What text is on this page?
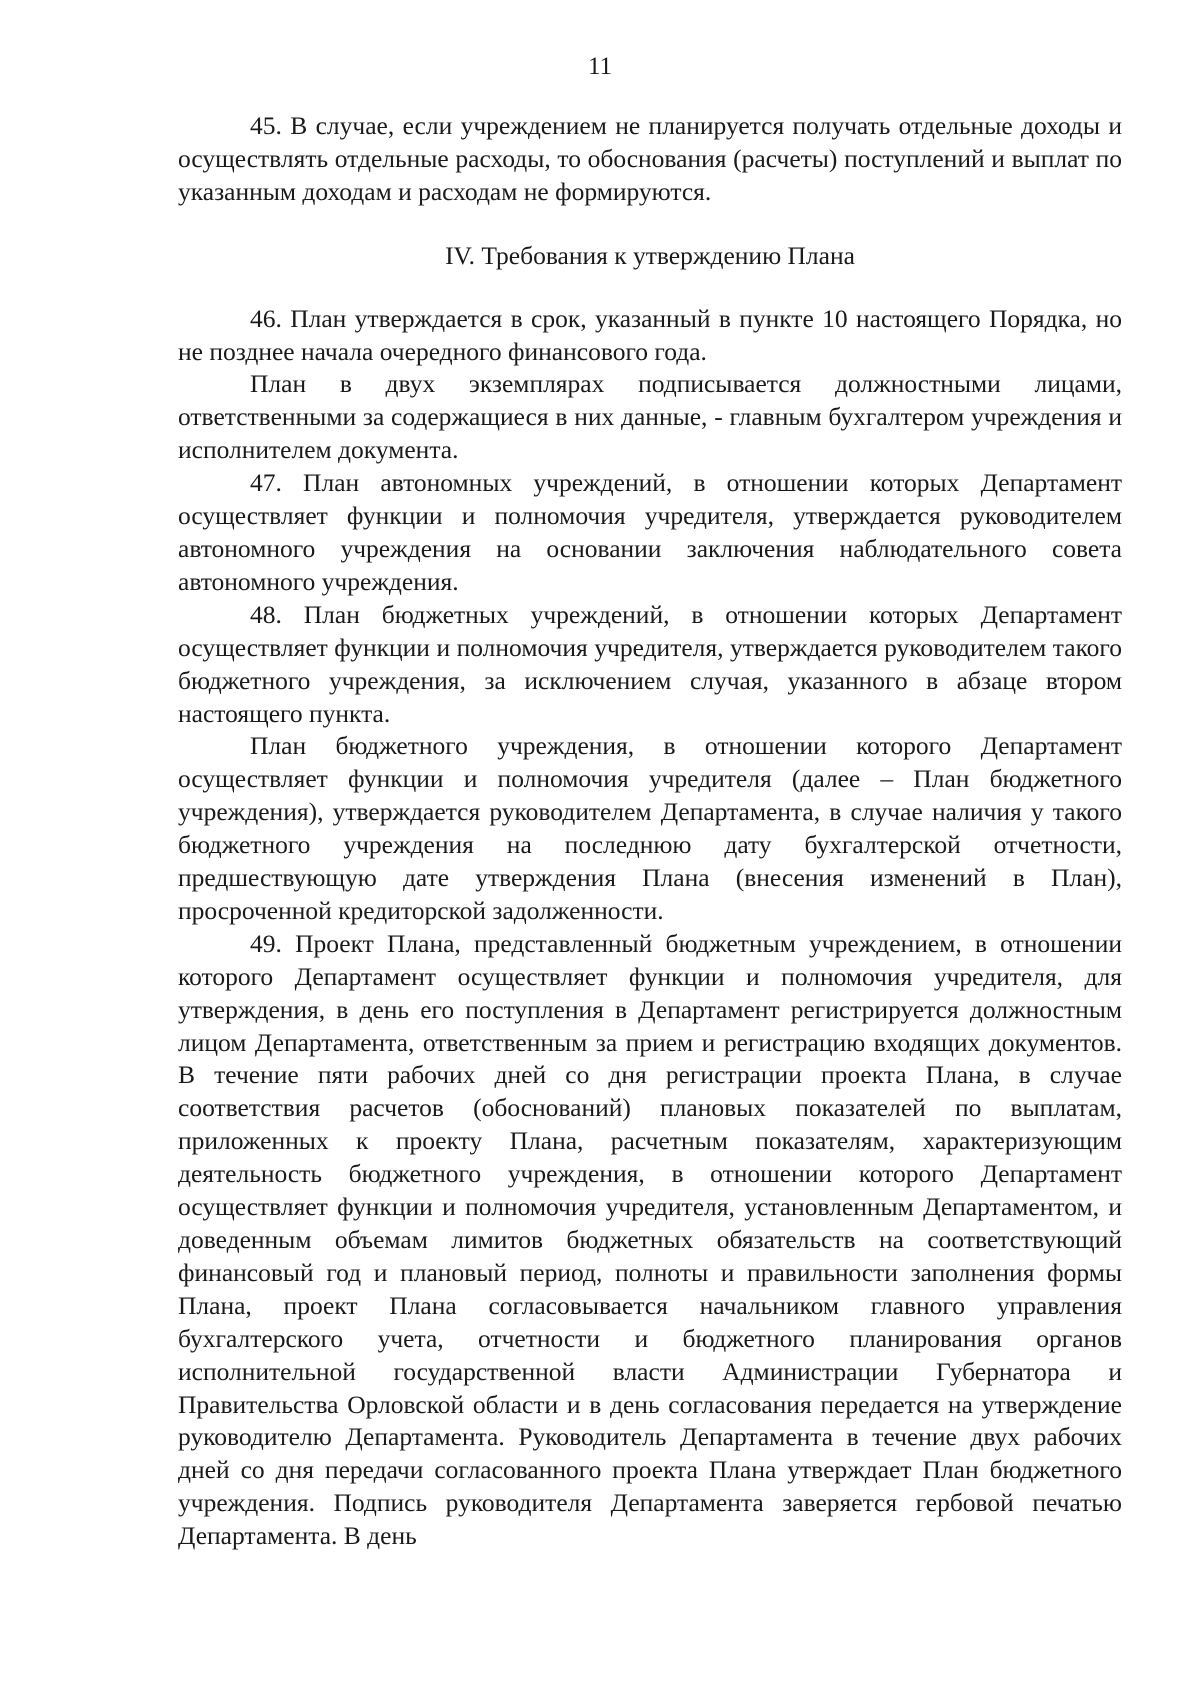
11

45. В случае, если учреждением не планируется получать отдельные доходы и осуществлять отдельные расходы, то обоснования (расчеты) поступлений и выплат по указанным доходам и расходам не формируются.

IV. Требования к утверждению Плана

46. План утверждается в срок, указанный в пункте 10 настоящего Порядка, но не позднее начала очередного финансового года.

План в двух экземплярах подписывается должностными лицами, ответственными за содержащиеся в них данные, - главным бухгалтером учреждения и исполнителем документа.

47. План автономных учреждений, в отношении которых Департамент осуществляет функции и полномочия учредителя, утверждается руководителем автономного учреждения на основании заключения наблюдательного совета автономного учреждения.

48. План бюджетных учреждений, в отношении которых Департамент осуществляет функции и полномочия учредителя, утверждается руководителем такого бюджетного учреждения, за исключением случая, указанного в абзаце втором настоящего пункта.

План бюджетного учреждения, в отношении которого Департамент осуществляет функции и полномочия учредителя (далее – План бюджетного учреждения), утверждается руководителем Департамента, в случае наличия у такого бюджетного учреждения на последнюю дату бухгалтерской отчетности, предшествующую дате утверждения Плана (внесения изменений в План), просроченной кредиторской задолженности.

49. Проект Плана, представленный бюджетным учреждением, в отношении которого Департамент осуществляет функции и полномочия учредителя, для утверждения, в день его поступления в Департамент регистрируется должностным лицом Департамента, ответственным за прием и регистрацию входящих документов. В течение пяти рабочих дней со дня регистрации проекта Плана, в случае соответствия расчетов (обоснований) плановых показателей по выплатам, приложенных к проекту Плана, расчетным показателям, характеризующим деятельность бюджетного учреждения, в отношении которого Департамент осуществляет функции и полномочия учредителя, установленным Департаментом, и доведенным объемам лимитов бюджетных обязательств на соответствующий финансовый год и плановый период, полноты и правильности заполнения формы Плана, проект Плана согласовывается начальником главного управления бухгалтерского учета, отчетности и бюджетного планирования органов исполнительной государственной власти Администрации Губернатора и Правительства Орловской области и в день согласования передается на утверждение руководителю Департамента. Руководитель Департамента в течение двух рабочих дней со дня передачи согласованного проекта Плана утверждает План бюджетного учреждения. Подпись руководителя Департамента заверяется гербовой печатью Департамента. В день
